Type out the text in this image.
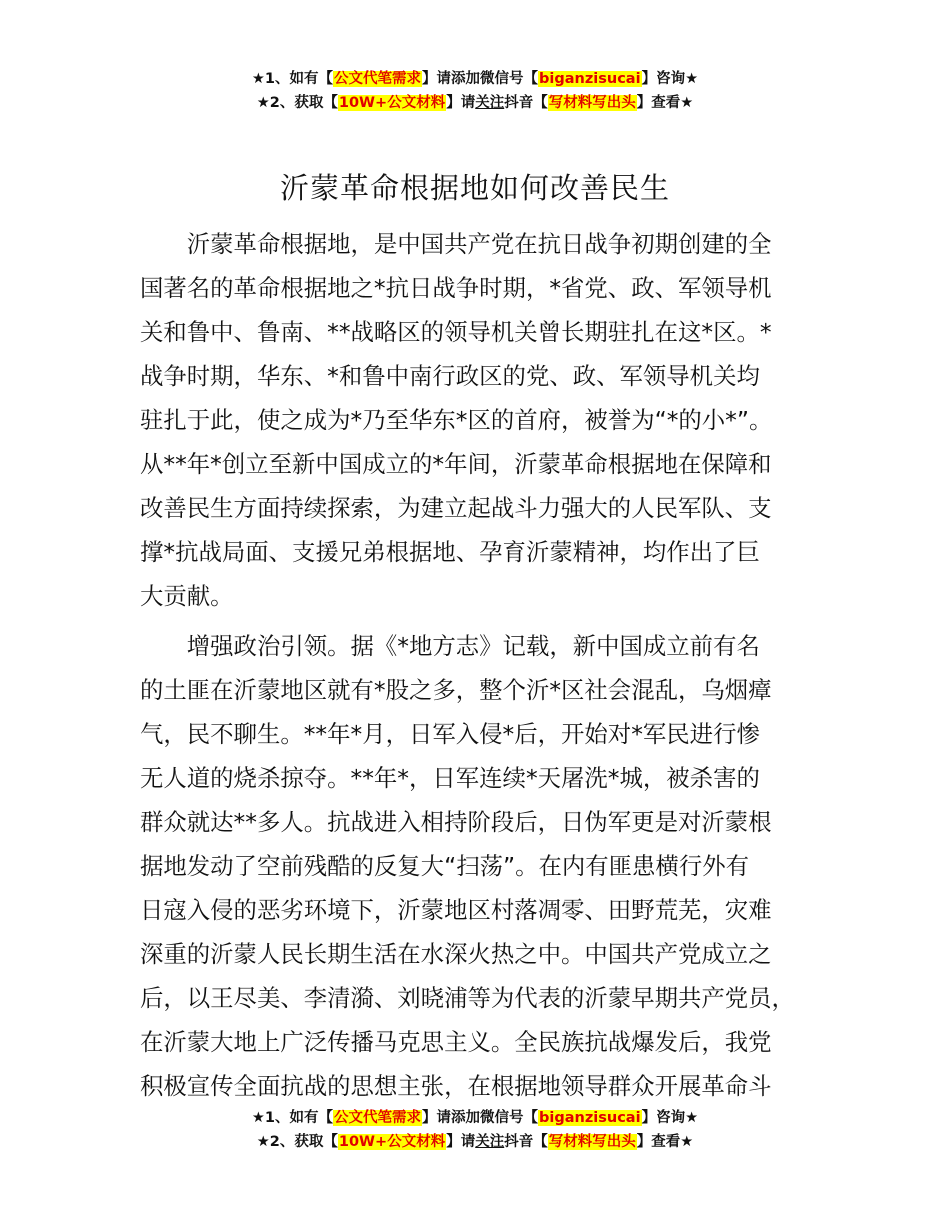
★1、如有【公文代笔需求】请添加微信号【biganzisucai】咨询★
★2、获取【10W+公文材料】请关注抖音【写材料写出头】查看★
沂蒙革命根据地如何改善民生
　　沂蒙革命根据地，是中国共产党在抗日战争初期创建的全
国著名的革命根据地之*抗日战争时期，*省党、政、军领导机
关和鲁中、鲁南、**战略区的领导机关曾长期驻扎在这*区。*
战争时期，华东、*和鲁中南行政区的党、政、军领导机关均
驻扎于此，使之成为*乃至华东*区的首府，被誉为“*的小*”。
从**年*创立至新中国成立的*年间，沂蒙革命根据地在保障和
改善民生方面持续探索，为建立起战斗力强大的人民军队、支
撑*抗战局面、支援兄弟根据地、孕育沂蒙精神，均作出了巨
大贡献。
　　增强政治引领。据《*地方志》记载，新中国成立前有名
的土匪在沂蒙地区就有*股之多，整个沂*区社会混乱，乌烟瘴
气，民不聊生。**年*月，日军入侵*后，开始对*军民进行惨
无人道的烧杀掠夺。**年*，日军连续*天屠洗*城，被杀害的
群众就达**多人。抗战进入相持阶段后，日伪军更是对沂蒙根
据地发动了空前残酷的反复大“扫荡”。在内有匪患横行外有
日寇入侵的恶劣环境下，沂蒙地区村落凋零、田野荒芜，灾难
深重的沂蒙人民长期生活在水深火热之中。中国共产党成立之
后，以王尽美、李清漪、刘晓浦等为代表的沂蒙早期共产党员，
在沂蒙大地上广泛传播马克思主义。全民族抗战爆发后，我党
积极宣传全面抗战的思想主张，在根据地领导群众开展革命斗
★1、如有【公文代笔需求】请添加微信号【biganzisucai】咨询★
★2、获取【10W+公文材料】请关注抖音【写材料写出头】查看★
